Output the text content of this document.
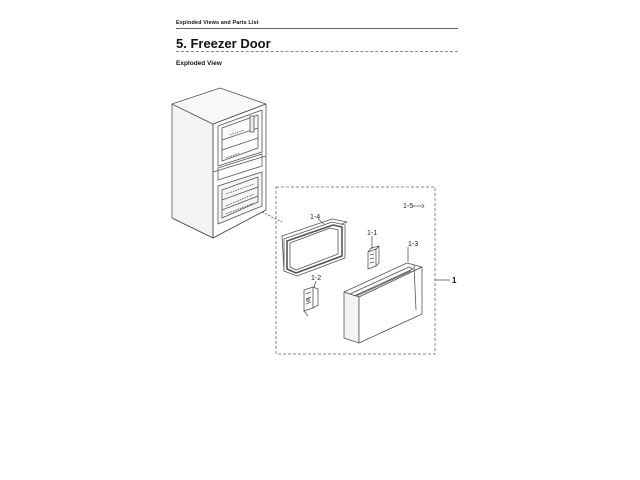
Exploded Views and Parts List
5. Freezer Door
Exploded View
1-5
1-4
1-1
1-3
1-2	1
